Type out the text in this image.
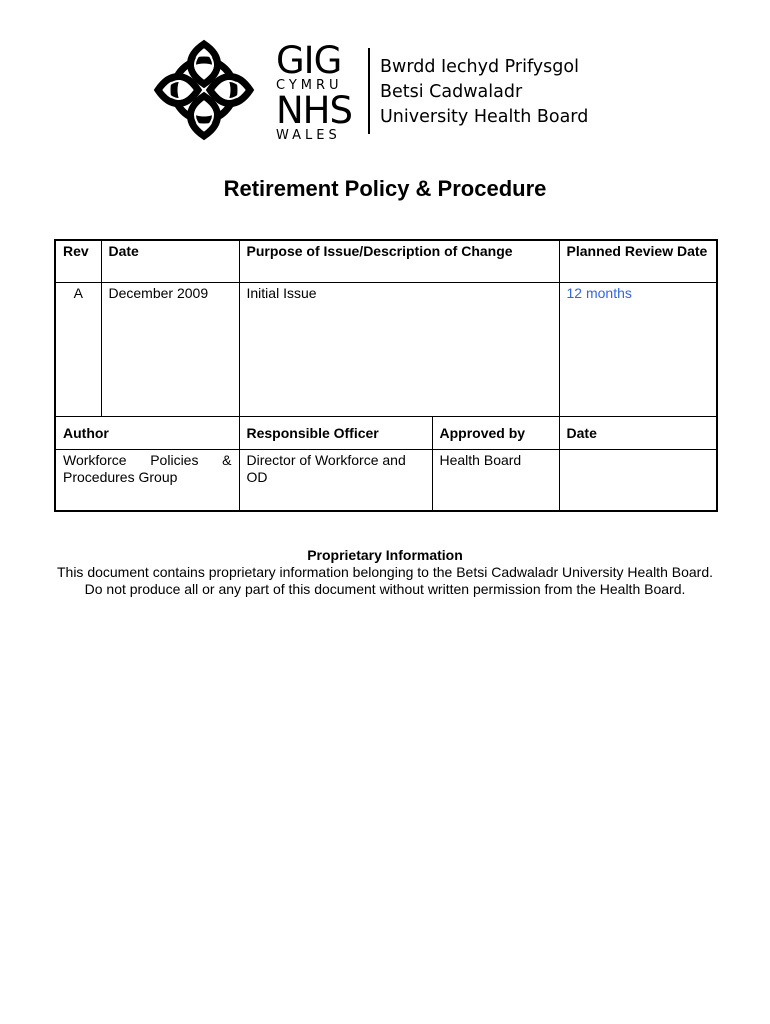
GIG
CYMRU
NHS
WALES
Bwrdd Iechyd Prifysgol
Betsi Cadwaladr
University Health Board
Retirement Policy & Procedure
Rev	Date	Purpose of Issue/Description of Change		Planned Review Date
A	December 2009	Initial Issue		12 months
Author		Responsible Officer	Approved by	Date

Workforce Policies &
Procedures Group		Director of Workforce and OD	Health Board	
Proprietary Information
This document contains proprietary information belonging to the Betsi Cadwaladr University Health Board. Do not produce all or any part of this document without written permission from the Health Board.
